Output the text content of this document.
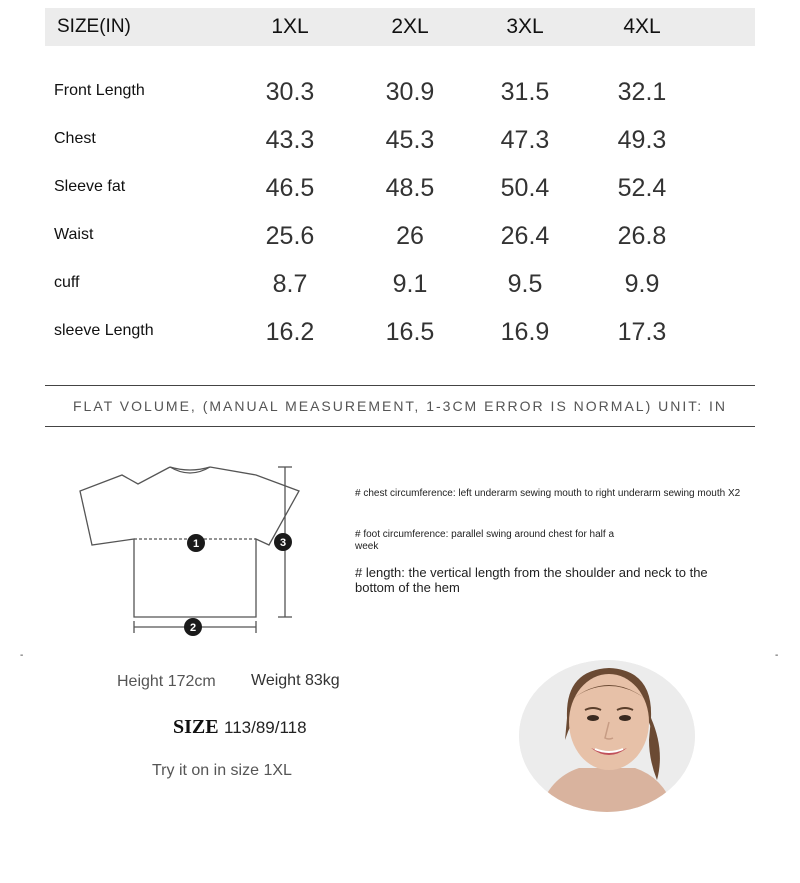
SIZE(IN)	1XL	2XL	3XL	4XL
Front Length	30.3	30.9	31.5	32.1
Chest	43.3	45.3	47.3	49.3
Sleeve fat	46.5	48.5	50.4	52.4
Waist	25.6	26	26.4	26.8
cuff	8.7	9.1	9.5	9.9
sleeve Length	16.2	16.5	16.9	17.3
FLAT VOLUME, (MANUAL MEASUREMENT, 1-3CM ERROR IS NORMAL) UNIT: IN
1
2
3
# chest circumference: left underarm sewing mouth to right underarm sewing mouth X2
# foot circumference: parallel swing around chest for half a week
# length: the vertical length from the shoulder and neck to the bottom of the hem
-	-
Height 172cm Weight 83kg
SIZE 113/89/118
Try it on in size 1XL
